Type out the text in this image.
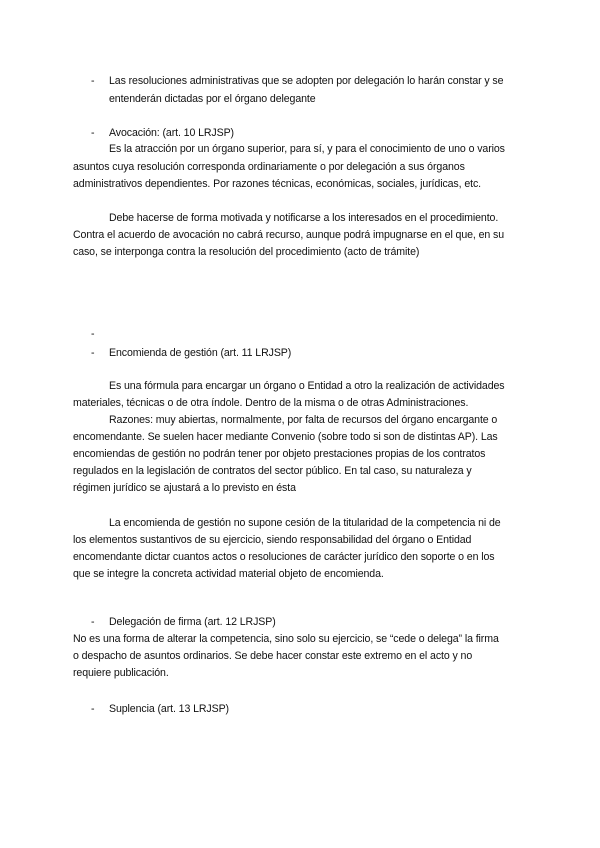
- Las resoluciones administrativas que se adopten por delegación lo harán constar y se
entenderán dictadas por el órgano delegante
- Avocación: (art. 10 LRJSP)
Es la atracción por un órgano superior, para sí, y para el conocimiento de uno o varios
asuntos cuya resolución corresponda ordinariamente o por delegación a sus órganos
administrativos dependientes. Por razones técnicas, económicas, sociales, jurídicas, etc.
Debe hacerse de forma motivada y notificarse a los interesados en el procedimiento.
Contra el acuerdo de avocación no cabrá recurso, aunque podrá impugnarse en el que, en su
caso, se interponga contra la resolución del procedimiento (acto de trámite)
-
- Encomienda de gestión (art. 11 LRJSP)
Es una fórmula para encargar un órgano o Entidad a otro la realización de actividades
materiales, técnicas o de otra índole. Dentro de la misma o de otras Administraciones.
Razones: muy abiertas, normalmente, por falta de recursos del órgano encargante o
encomendante. Se suelen hacer mediante Convenio (sobre todo si son de distintas AP). Las
encomiendas de gestión no podrán tener por objeto prestaciones propias de los contratos
regulados en la legislación de contratos del sector público. En tal caso, su naturaleza y
régimen jurídico se ajustará a lo previsto en ésta
La encomienda de gestión no supone cesión de la titularidad de la competencia ni de
los elementos sustantivos de su ejercicio, siendo responsabilidad del órgano o Entidad
encomendante dictar cuantos actos o resoluciones de carácter jurídico den soporte o en los
que se integre la concreta actividad material objeto de encomienda.
- Delegación de firma (art. 12 LRJSP)
No es una forma de alterar la competencia, sino solo su ejercicio, se “cede o delega” la firma
o despacho de asuntos ordinarios. Se debe hacer constar este extremo en el acto y no
requiere publicación.
- Suplencia (art. 13 LRJSP)
